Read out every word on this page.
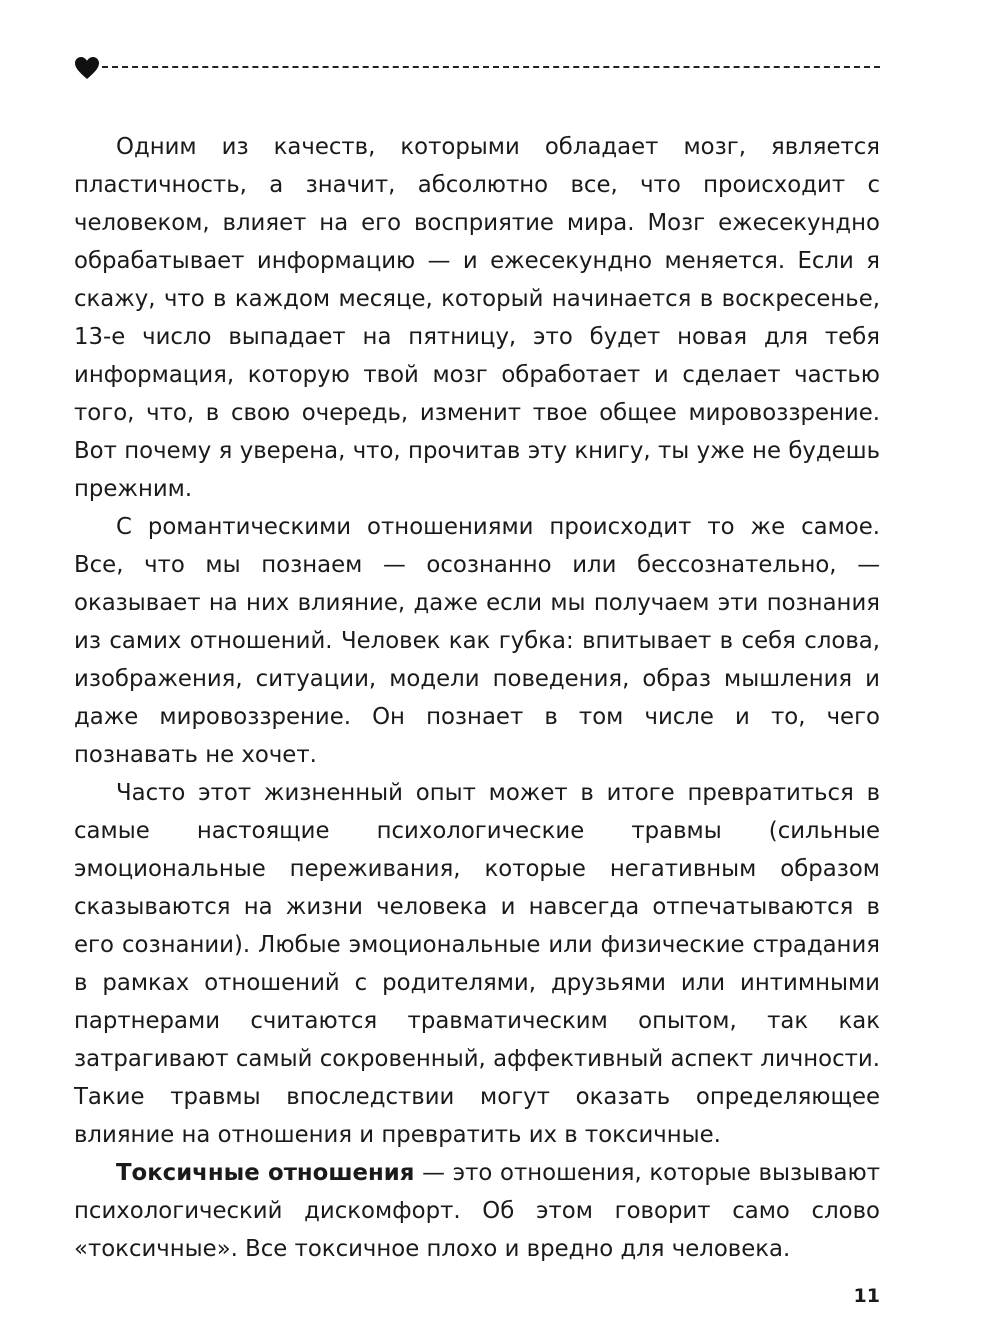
Одним из качеств, которыми обладает мозг, является пластичность, а значит, абсолютно все, что происходит с человеком, влияет на его восприятие мира. Мозг ежесекундно обрабатывает информацию — и ежесекундно меняется. Если я скажу, что в каждом месяце, который начинается в воскресенье, 13-е число выпадает на пятницу, это будет новая для тебя информация, которую твой мозг обработает и сделает частью того, что, в свою очередь, изменит твое общее мировоззрение. Вот почему я уверена, что, прочитав эту книгу, ты уже не будешь прежним.

С романтическими отношениями происходит то же самое. Все, что мы познаем — осознанно или бессознательно, — оказывает на них влияние, даже если мы получаем эти познания из самих отношений. Человек как губка: впитывает в себя слова, изображения, ситуации, модели поведения, образ мышления и даже мировоззрение. Он познает в том числе и то, чего познавать не хочет.

Часто этот жизненный опыт может в итоге превратиться в самые настоящие психологические травмы (сильные эмоциональные переживания, которые негативным образом сказываются на жизни человека и навсегда отпечатываются в его сознании). Любые эмоциональные или физические страдания в рамках отношений с родителями, друзьями или интимными партнерами считаются травматическим опытом, так как затрагивают самый сокровенный, аффективный аспект личности. Такие травмы впоследствии могут оказать определяющее влияние на отношения и превратить их в токсичные.

Токсичные отношения — это отношения, которые вызывают психологический дискомфорт. Об этом говорит само слово «токсичные». Все токсичное плохо и вредно для человека.

11
